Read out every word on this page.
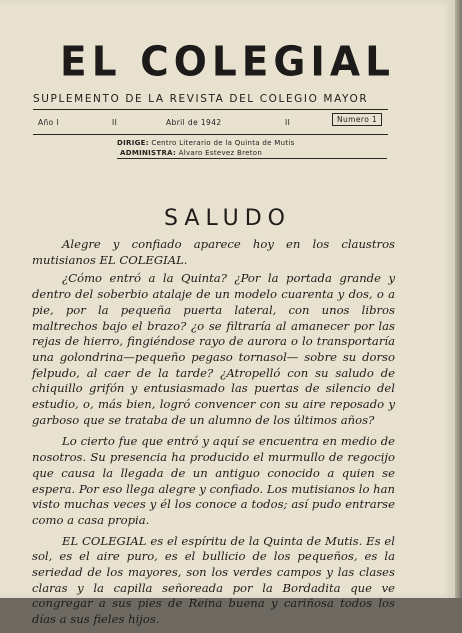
EL COLEGIAL
SUPLEMENTO DE LA REVISTA DEL COLEGIO MAYOR
Año I	II	Abril de 1942	II	Numero 1
DIRIGE: Centro Literario de la Quinta de Mutis
ADMINISTRA: Alvaro Estevez Breton
SALUDO

Alegre y confiado aparece hoy en los claustros mutisianos EL COLEGIAL.

¿Cómo entró a la Quinta? ¿Por la portada grande y dentro del soberbio atalaje de un modelo cuarenta y dos, o a pie, por la pequeña puerta lateral, con unos libros maltrechos bajo el brazo? ¿o se filtraría al amanecer por las rejas de hierro, fingiéndose rayo de aurora o lo transportaría una golondrina—pequeño pegaso tornasol— sobre su dorso felpudo, al caer de la tarde? ¿Atropelló con su saludo de chiquillo grifón y entusiasmado las puertas de silencio del estudio, o, más bien, logró convencer con su aire reposado y garboso que se trataba de un alumno de los últimos años?

Lo cierto fue que entró y aquí se encuentra en medio de nosotros. Su presencia ha producido el murmullo de regocijo que causa la llegada de un antiguo conocido a quien se espera. Por eso llega alegre y confiado. Los mutisianos lo han visto muchas veces y él los conoce a todos; así pudo entrarse como a casa propia.

EL COLEGIAL es el espíritu de la Quinta de Mutis. Es el sol, es el aire puro, es el bullicio de los pequeños, es la seriedad de los mayores, son los verdes campos y las clases claras y la capilla señoreada por la Bordadita que ve congregar a sus pies de Reina buena y cariñosa todos los días a sus fieles hijos.
